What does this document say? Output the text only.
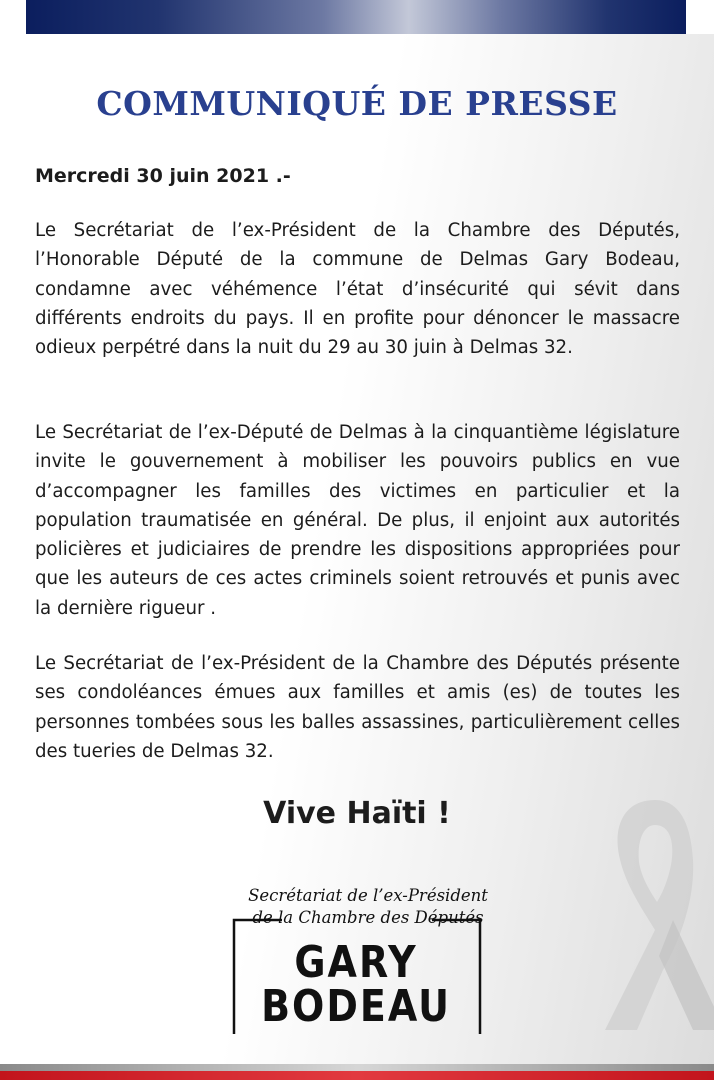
COMMUNIQUÉ DE PRESSE
Mercredi 30 juin 2021 .-
Le Secrétariat de l’ex-Président de la Chambre des Députés, l’Honorable Député de la commune de Delmas Gary Bodeau, condamne avec véhémence l’état d’insécurité qui sévit dans différents endroits du pays. Il en profite pour dénoncer le massacre odieux perpétré dans la nuit du 29 au 30 juin à Delmas 32.
Le Secrétariat de l’ex-Député de Delmas à la cinquantième législature invite le gouvernement à mobiliser les pouvoirs publics en vue d’accompagner les familles des victimes en particulier et la population traumatisée en général. De plus, il enjoint aux autorités policières et judiciaires de prendre les dispositions appropriées pour que les auteurs de ces actes criminels soient retrouvés et punis avec la dernière rigueur .
Le Secrétariat de l’ex-Président de la Chambre des Députés présente ses condoléances émues aux familles et amis (es) de toutes les personnes tombées sous les balles assassines, particulièrement celles des tueries de Delmas 32.
Vive Haïti !
Secrétariat de l’ex-Président
de la Chambre des Députés
GARY
BODEAU
